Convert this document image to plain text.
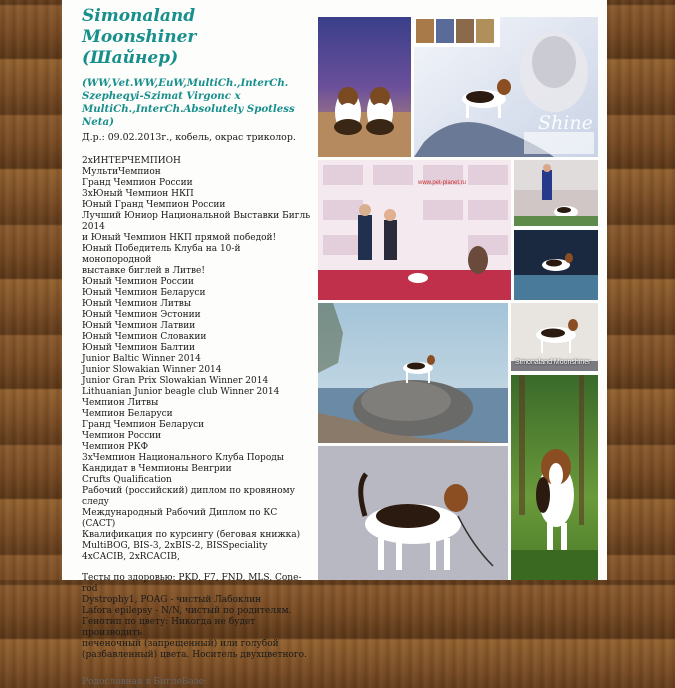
Simonaland Moonshiner
(Шайнер)

(WW,Vet.WW,EuW,MultiCh.,InterCh.
Szepheqyi-Szimat Virgonc x
MultiCh.,InterCh.Absolutely Spotless Neta)

Д.р.: 09.02.2013г., кобель, окрас триколор.

2хИНТЕРЧЕМПИОН
МультиЧемпион
Гранд Чемпион России
3хЮный Чемпион НКП
Юный Гранд Чемпион России
Лучший Юниор Национальной Выставки Бигль 2014
и Юный Чемпион НКП прямой победой!
Юный Победитель Клуба на 10-й монопородной
выставке биглей в Литве!
Юный Чемпион России
Юный Чемпион Беларуси
Юный Чемпион Литвы
Юный Чемпион Эстонии
Юный Чемпион Латвии
Юный Чемпион Словакии
Юный Чемпион Балтии
Junior Baltic Winner 2014
Junior Slowakian Winner 2014
Junior Gran Prix Slowakian Winner 2014
Lithuanian Junior beagle club Winner 2014
Чемпион Литвы
Чемпион Беларуси
Гранд Чемпион Беларуси
Чемпион России
Чемпион РКФ
3хЧемпион Национального Клуба Породы
Кандидат в Чемпионы Венгрии
Crufts Qualification
Рабочий (российский) диплом по кровяному следу
Международный Рабочий Диплом по КС (CACT)
Квалификация по курсингу (беговая книжка)
MultiBOG, BIS-3, 2xBIS-2, BISSpeciality
4xCACIB, 2xRCACIB,
Тесты по здоровью: PKD, F7, FND, MLS, Cone-rod
Dystrophy1, POAG - чистый Лабоклин
Lafora epilepsy - N/N, чистый по родителям.
Генотип по цвету: Никогда не будет производить
печеночный (запрещенный) или голубой
(разбавленный) цвета. Носитель двухцветного.
Родословная в БиглеБазе:
Shine
www.pet-planet.ru
Simonaland Moonshiner
